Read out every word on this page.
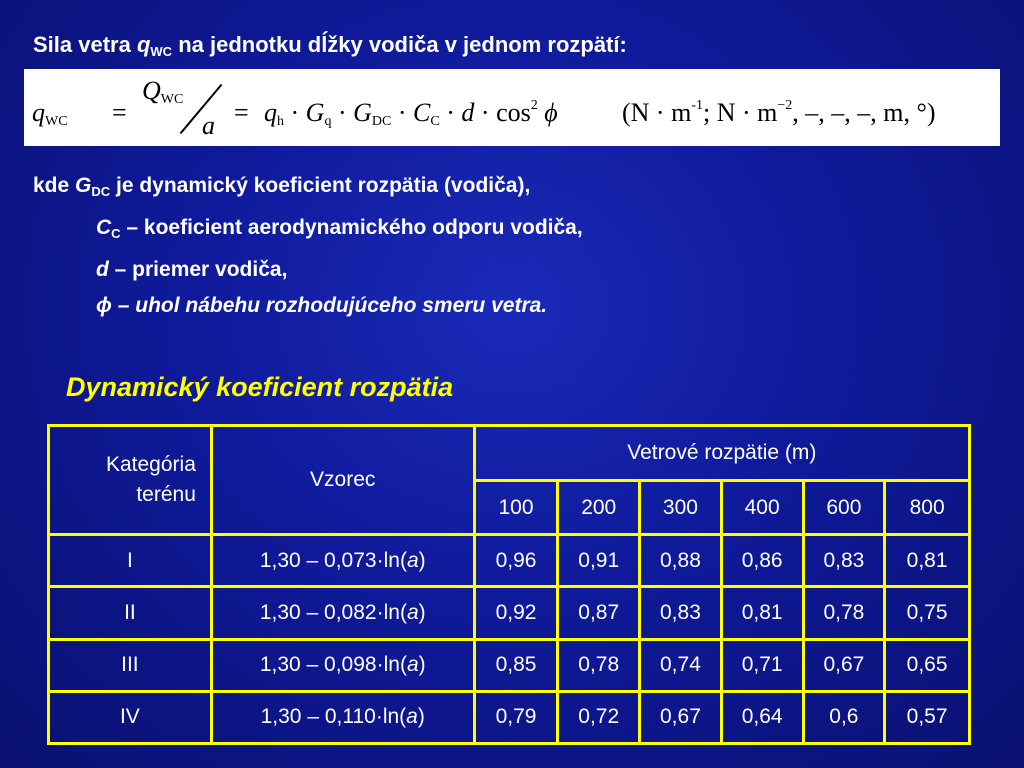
Sila vetra $q_{WC}$ na jednotku dĺžky vodiča v jednom rozpätí:
$q_{WC}$ =
$Q_{WC}$
$a = q_h \cdot G_q \cdot G_{DC} \cdot C_C \cdot d \cdot \cos^2 \phi$ ($N \cdot m^{-1}$; $N \cdot m^{-2}$, –, –, –, m, °)
kde $G_{DC}$ je dynamický koeficient rozpätia (vodiča),
$C_C$ – koeficient aerodynamického odporu vodiča,
d – priemer vodiča,
ϕ – uhol nábehu rozhodujúceho smeru vetra.
Dynamický koeficient rozpätia
Kategória terénu	Vzorec	Vetrové rozpätie (m)					
		100	200	300	400	600	800
I	1,30 – 0,073·ln(a)	0,96	0,91	0,88	0,86	0,83	0,81
II	1,30 – 0,082·ln(a)	0,92	0,87	0,83	0,81	0,78	0,75
III	1,30 – 0,098·ln(a)	0,85	0,78	0,74	0,71	0,67	0,65
IV	1,30 – 0,110·ln(a)	0,79	0,72	0,67	0,64	0,6	0,57
